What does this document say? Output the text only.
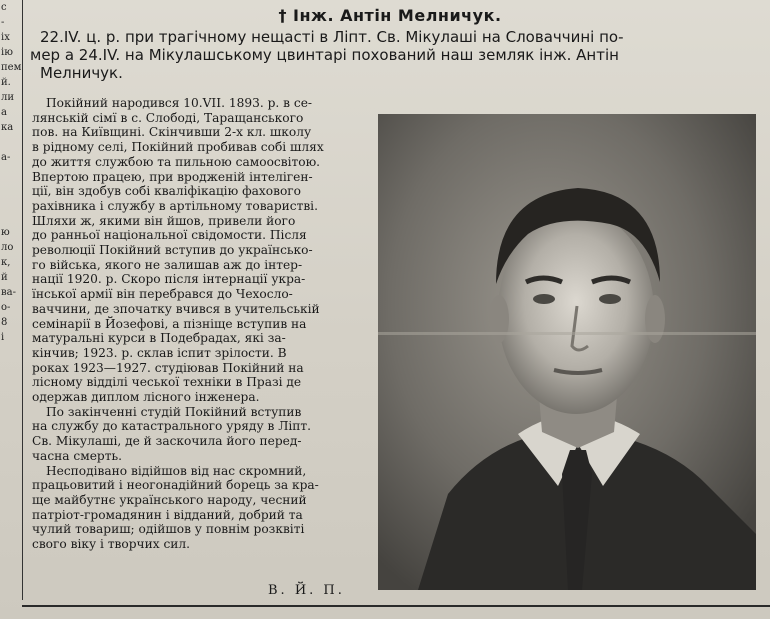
с
-
іх
ію
пем
й.
ли
а
ка
а-
ю
ло
к,
й
ва-
о-
8
і
† Інж. Антін Мелничук.
22.IV. ц. р. при трагічному нещасті в Ліпт. Св. Мікулаші на Словаччині по-
мер а 24.IV. на Мікулашському цвинтарі похований наш земляк інж. Антін
Мелничук.
Покійний народився 10.VII. 1893. р. в се-
лянській сімї в с. Слободі, Таращанського
пов. на Київщині. Скінчивши 2-х кл. школу
в рідному селі, Покійний пробивав собі шлях
до життя службою та пильною самоосвітою.
Впертою працею, при вродженій інтеліген-
ції, він здобув собі кваліфікацію фахового
рахівника і службу в артільному товаристві.
Шляхи ж, якими він йшов, привели його
до ранньої національної свідомости. Після
революції Покійний вступив до українсько-
го війська, якого не залишав аж до інтер-
нації 1920. р. Скоро після інтернації укра-
їнської армії він перебрався до Чехосло-
ваччини, де зпочатку вчився в учительській
семінарії в Йозефові, а пізніще вступив на
матуральні курси в Подебрадах, які за-
кінчив; 1923. р. склав іспит зрілости. В
роках 1923—1927. студіював Покійний на
лісному відділі чеської техніки в Празі де
одержав диплом лісного інженера.
По закінченні студій Покійний вступив
на службу до катастрального уряду в Ліпт.
Св. Мікулаші, де й заскочила його перед-
часна смерть.
Несподівано відійшов від нас скромний,
працьовитий і неогонадійний борець за кра-
ще майбутнє українського народу, чесний
патріот-громадянин і відданий, добрий та
чулий товариш; одійшов у повнім розквіті
свого віку і творчих сил.
В. Й. П.
